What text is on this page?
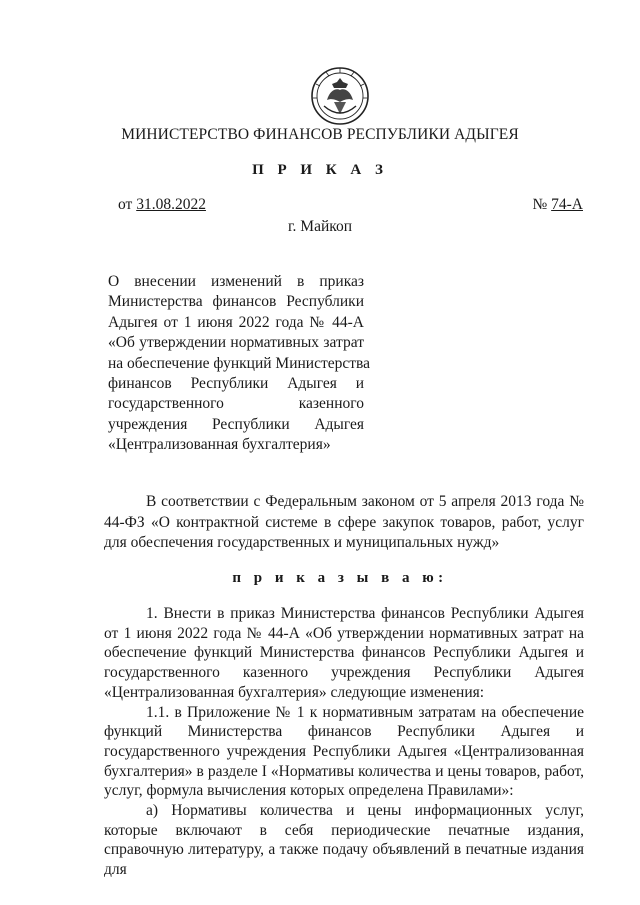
МИНИСТЕРСТВО ФИНАНСОВ РЕСПУБЛИКИ АДЫГЕЯ
П Р И К А З
от 31.08.2022	№ 74-А
г. Майкоп
О внесении изменений в приказ
Министерства финансов Республики
Адыгея от 1 июня 2022 года № 44-А
«Об утверждении нормативных затрат
на обеспечение функций Министерства
финансов Республики Адыгея и
государственного казенного
учреждения Республики Адыгея
«Централизованная бухгалтерия»
В соответствии с Федеральным законом от 5 апреля 2013 года № 44-ФЗ «О контрактной системе в сфере закупок товаров, работ, услуг для обеспечения государственных и муниципальных нужд»
п р и к а з ы в а ю:

1. Внести в приказ Министерства финансов Республики Адыгея от 1 июня 2022 года № 44-А «Об утверждении нормативных затрат на обеспечение функций Министерства финансов Республики Адыгея и государственного казенного учреждения Республики Адыгея «Централизованная бухгалтерия» следующие изменения:

1.1. в Приложение № 1 к нормативным затратам на обеспечение функций Министерства финансов Республики Адыгея и государственного учреждения Республики Адыгея «Централизованная бухгалтерия» в разделе I «Нормативы количества и цены товаров, работ, услуг, формула вычисления которых определена Правилами»:

а) Нормативы количества и цены информационных услуг, которые включают в себя периодические печатные издания, справочную литературу, а также подачу объявлений в печатные издания для
